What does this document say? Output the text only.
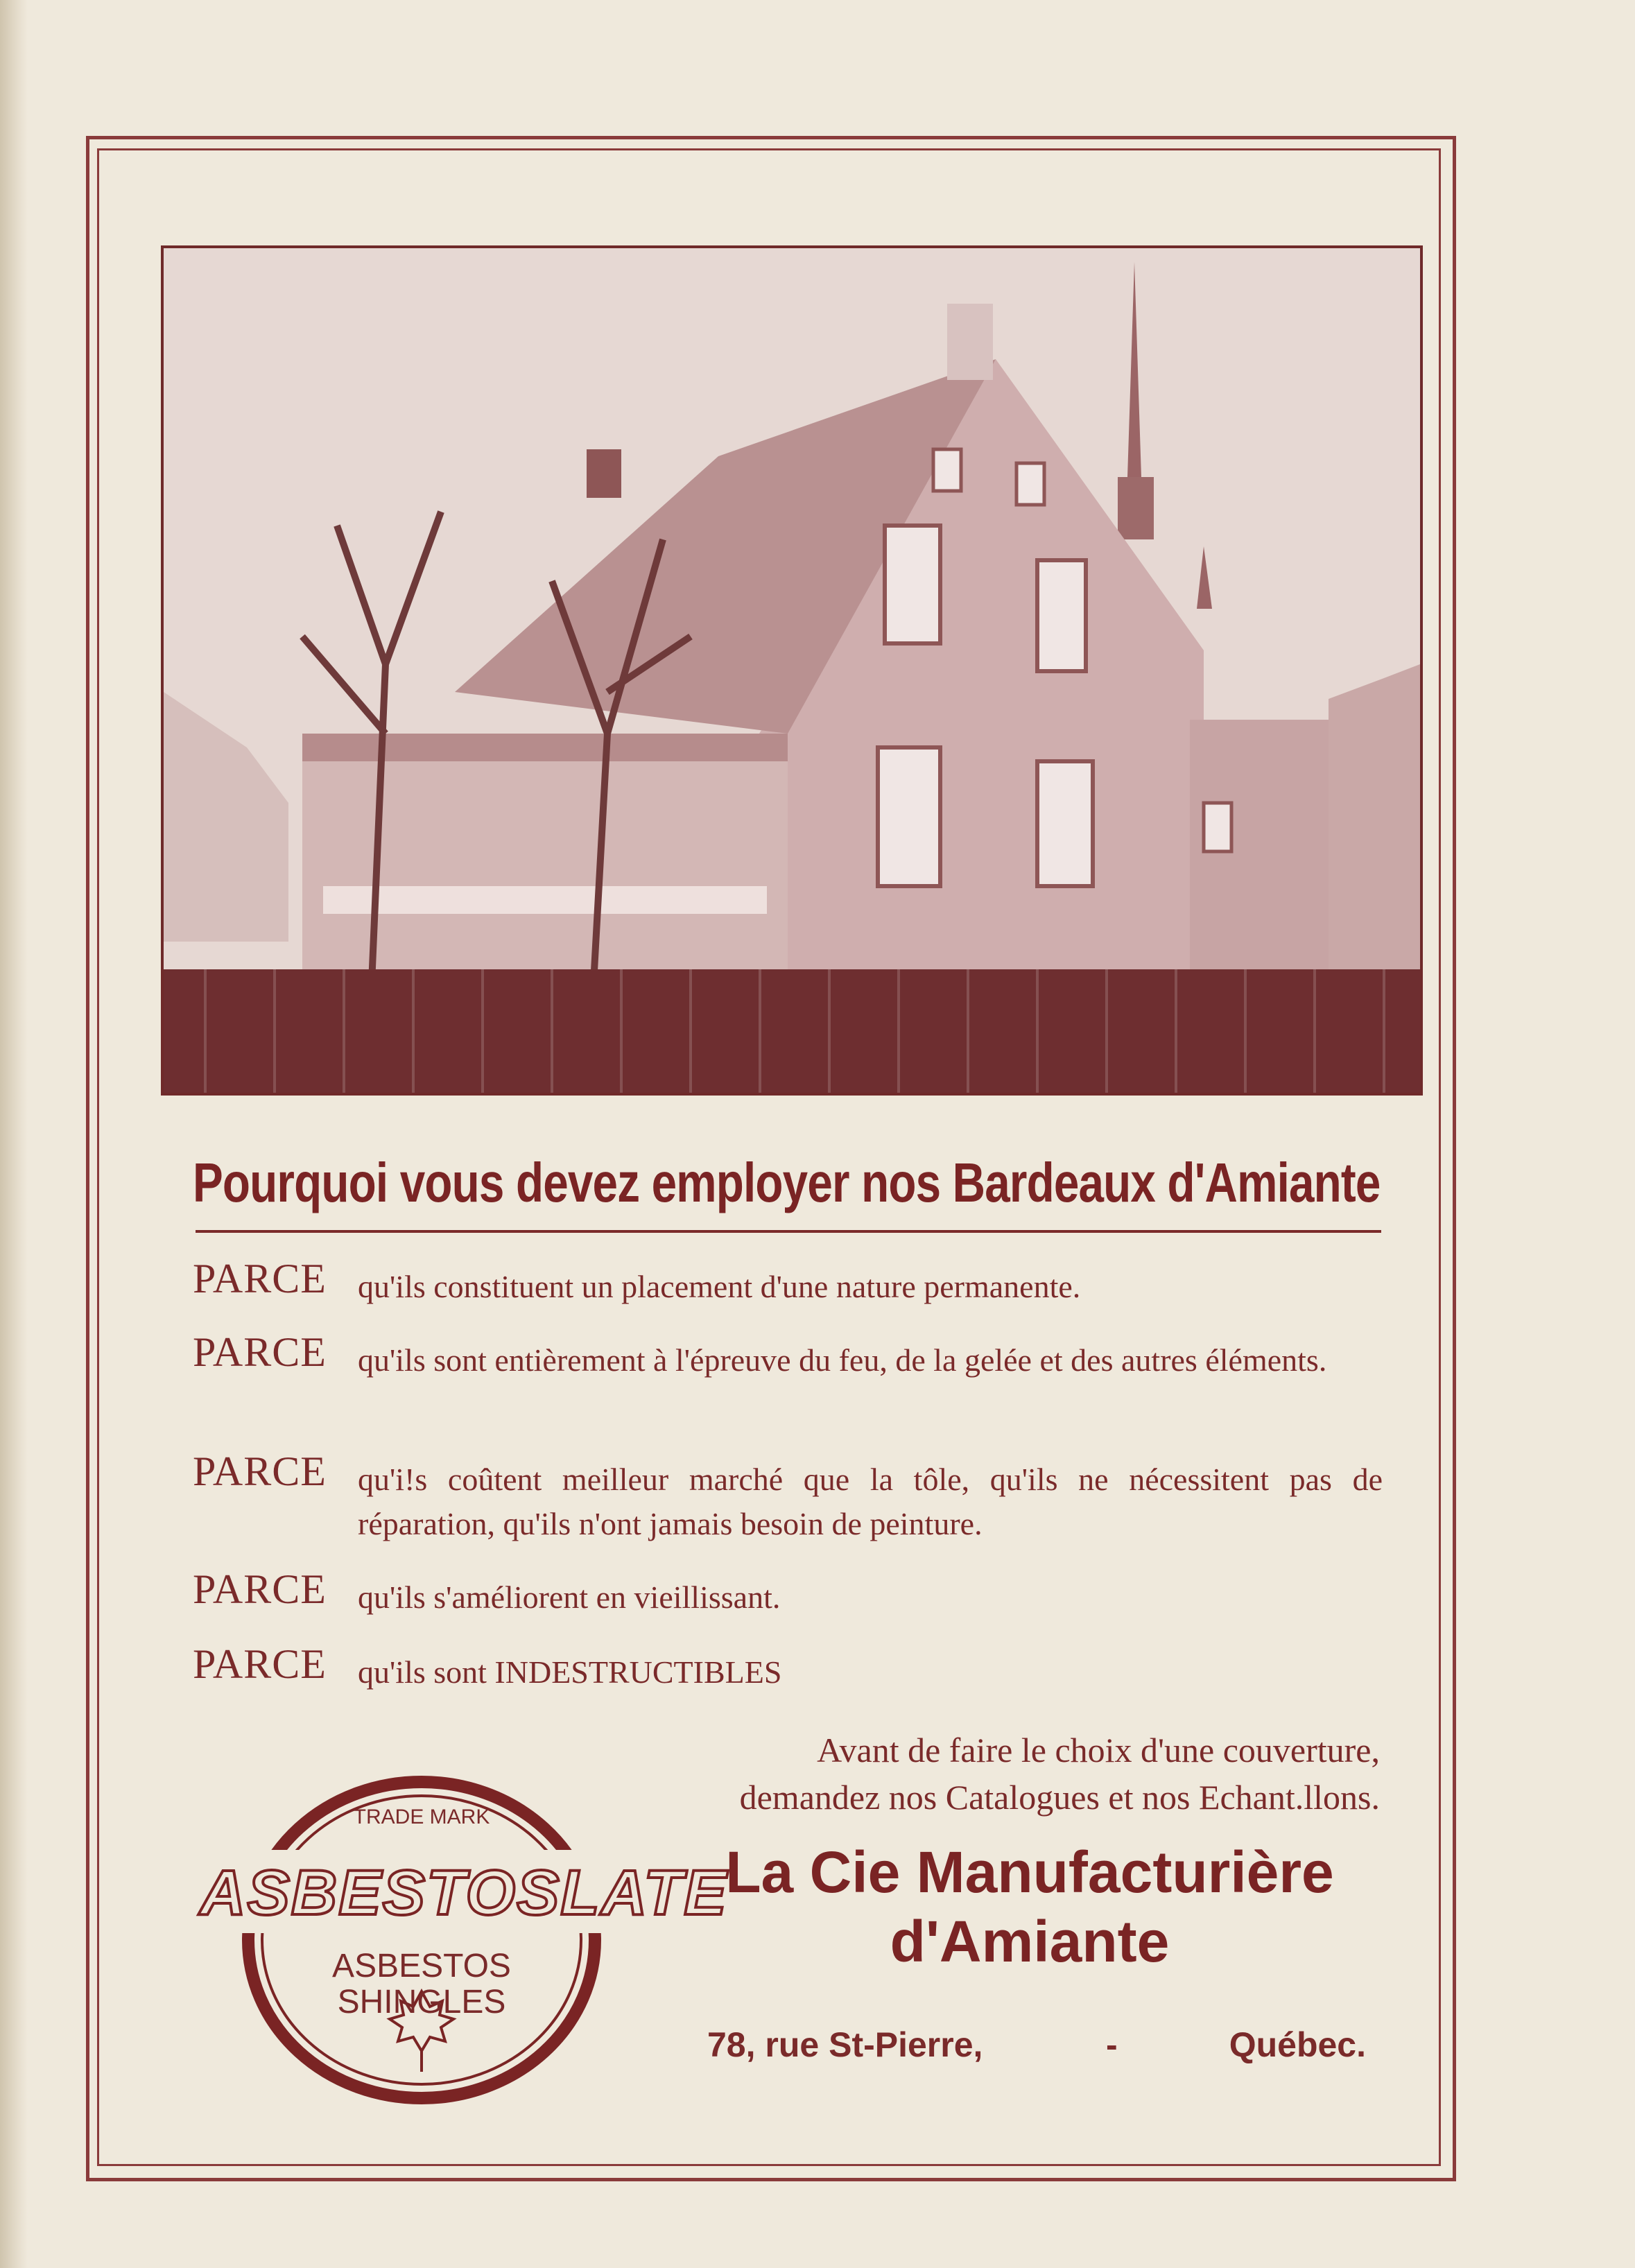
Pourquoi vous devez employer nos Bardeaux d'Amiante
PARCE qu'ils constituent un placement d'une nature permanente.
PARCE qu'ils sont entièrement à l'épreuve du feu, de la gelée et des autres éléments.
PARCE qu'i!s coûtent meilleur marché que la tôle, qu'ils ne nécessitent pas de réparation, qu'ils n'ont jamais besoin de peinture.
PARCE qu'ils s'améliorent en vieillissant.
PARCE qu'ils sont INDESTRUCTIBLES
TRADE MARK
ASBESTOSLATE
ASBESTOS
SHINGLES
Avant de faire le choix d'une couverture, demandez nos Catalogues et nos Echant.llons.
La Cie Manufacturière
d'Amiante
78, rue St-Pierre,	-	Québec.
